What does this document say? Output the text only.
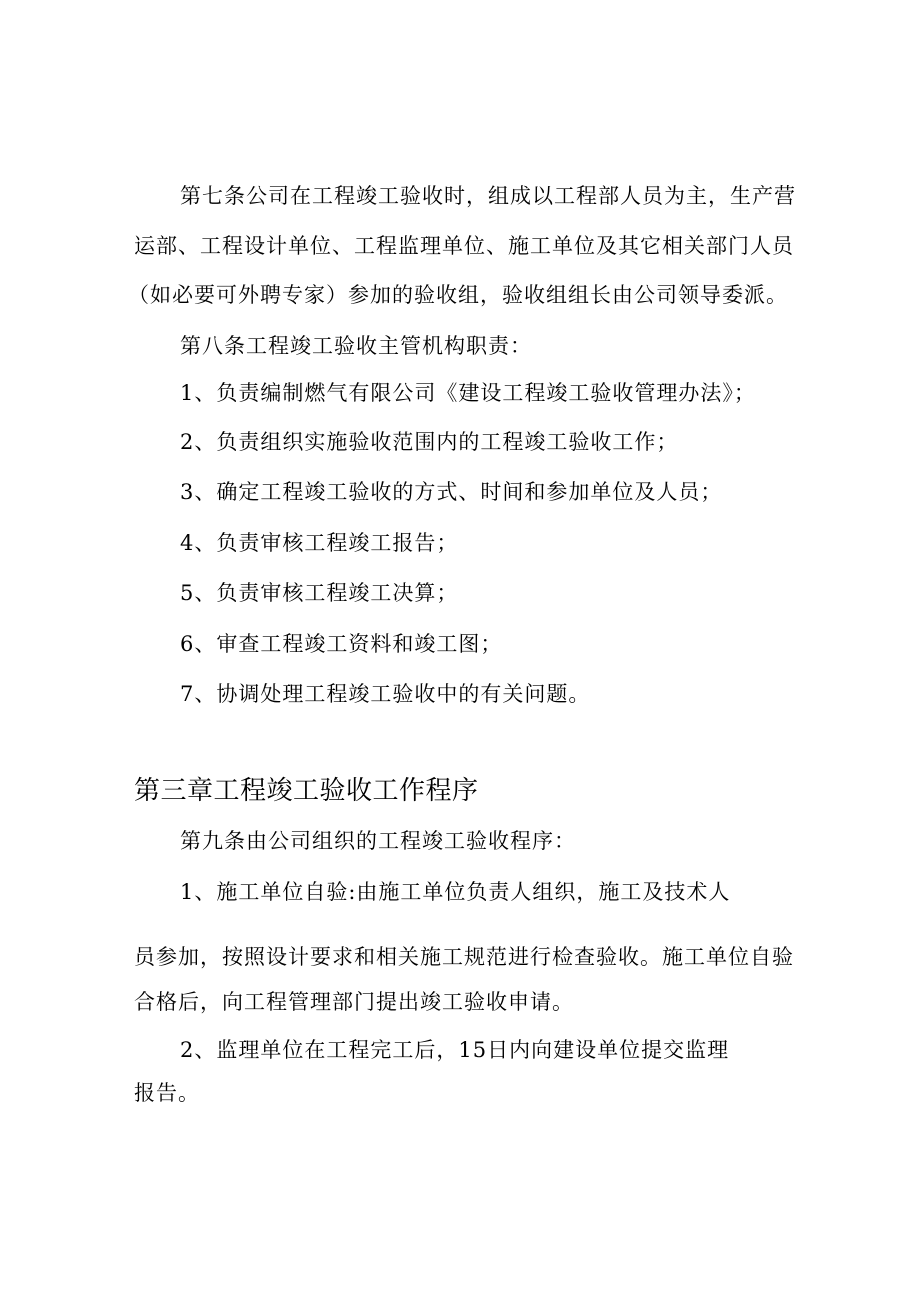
第七条公司在工程竣工验收时，组成以工程部人员为主，生产营
运部、工程设计单位、工程监理单位、施工单位及其它相关部门人员
（如必要可外聘专家）参加的验收组，验收组组长由公司领导委派。
第八条工程竣工验收主管机构职责：
1、负责编制燃气有限公司《建设工程竣工验收管理办法》；
2、负责组织实施验收范围内的工程竣工验收工作；
3、确定工程竣工验收的方式、时间和参加单位及人员；
4、负责审核工程竣工报告；
5、负责审核工程竣工决算；
6、审查工程竣工资料和竣工图；
7、协调处理工程竣工验收中的有关问题。
第三章工程竣工验收工作程序
第九条由公司组织的工程竣工验收程序：
1、施工单位自验:由施工单位负责人组织，施工及技术人
员参加，按照设计要求和相关施工规范进行检查验收。施工单位自验
合格后，向工程管理部门提出竣工验收申请。
2、监理单位在工程完工后，15日内向建设单位提交监理
报告。
